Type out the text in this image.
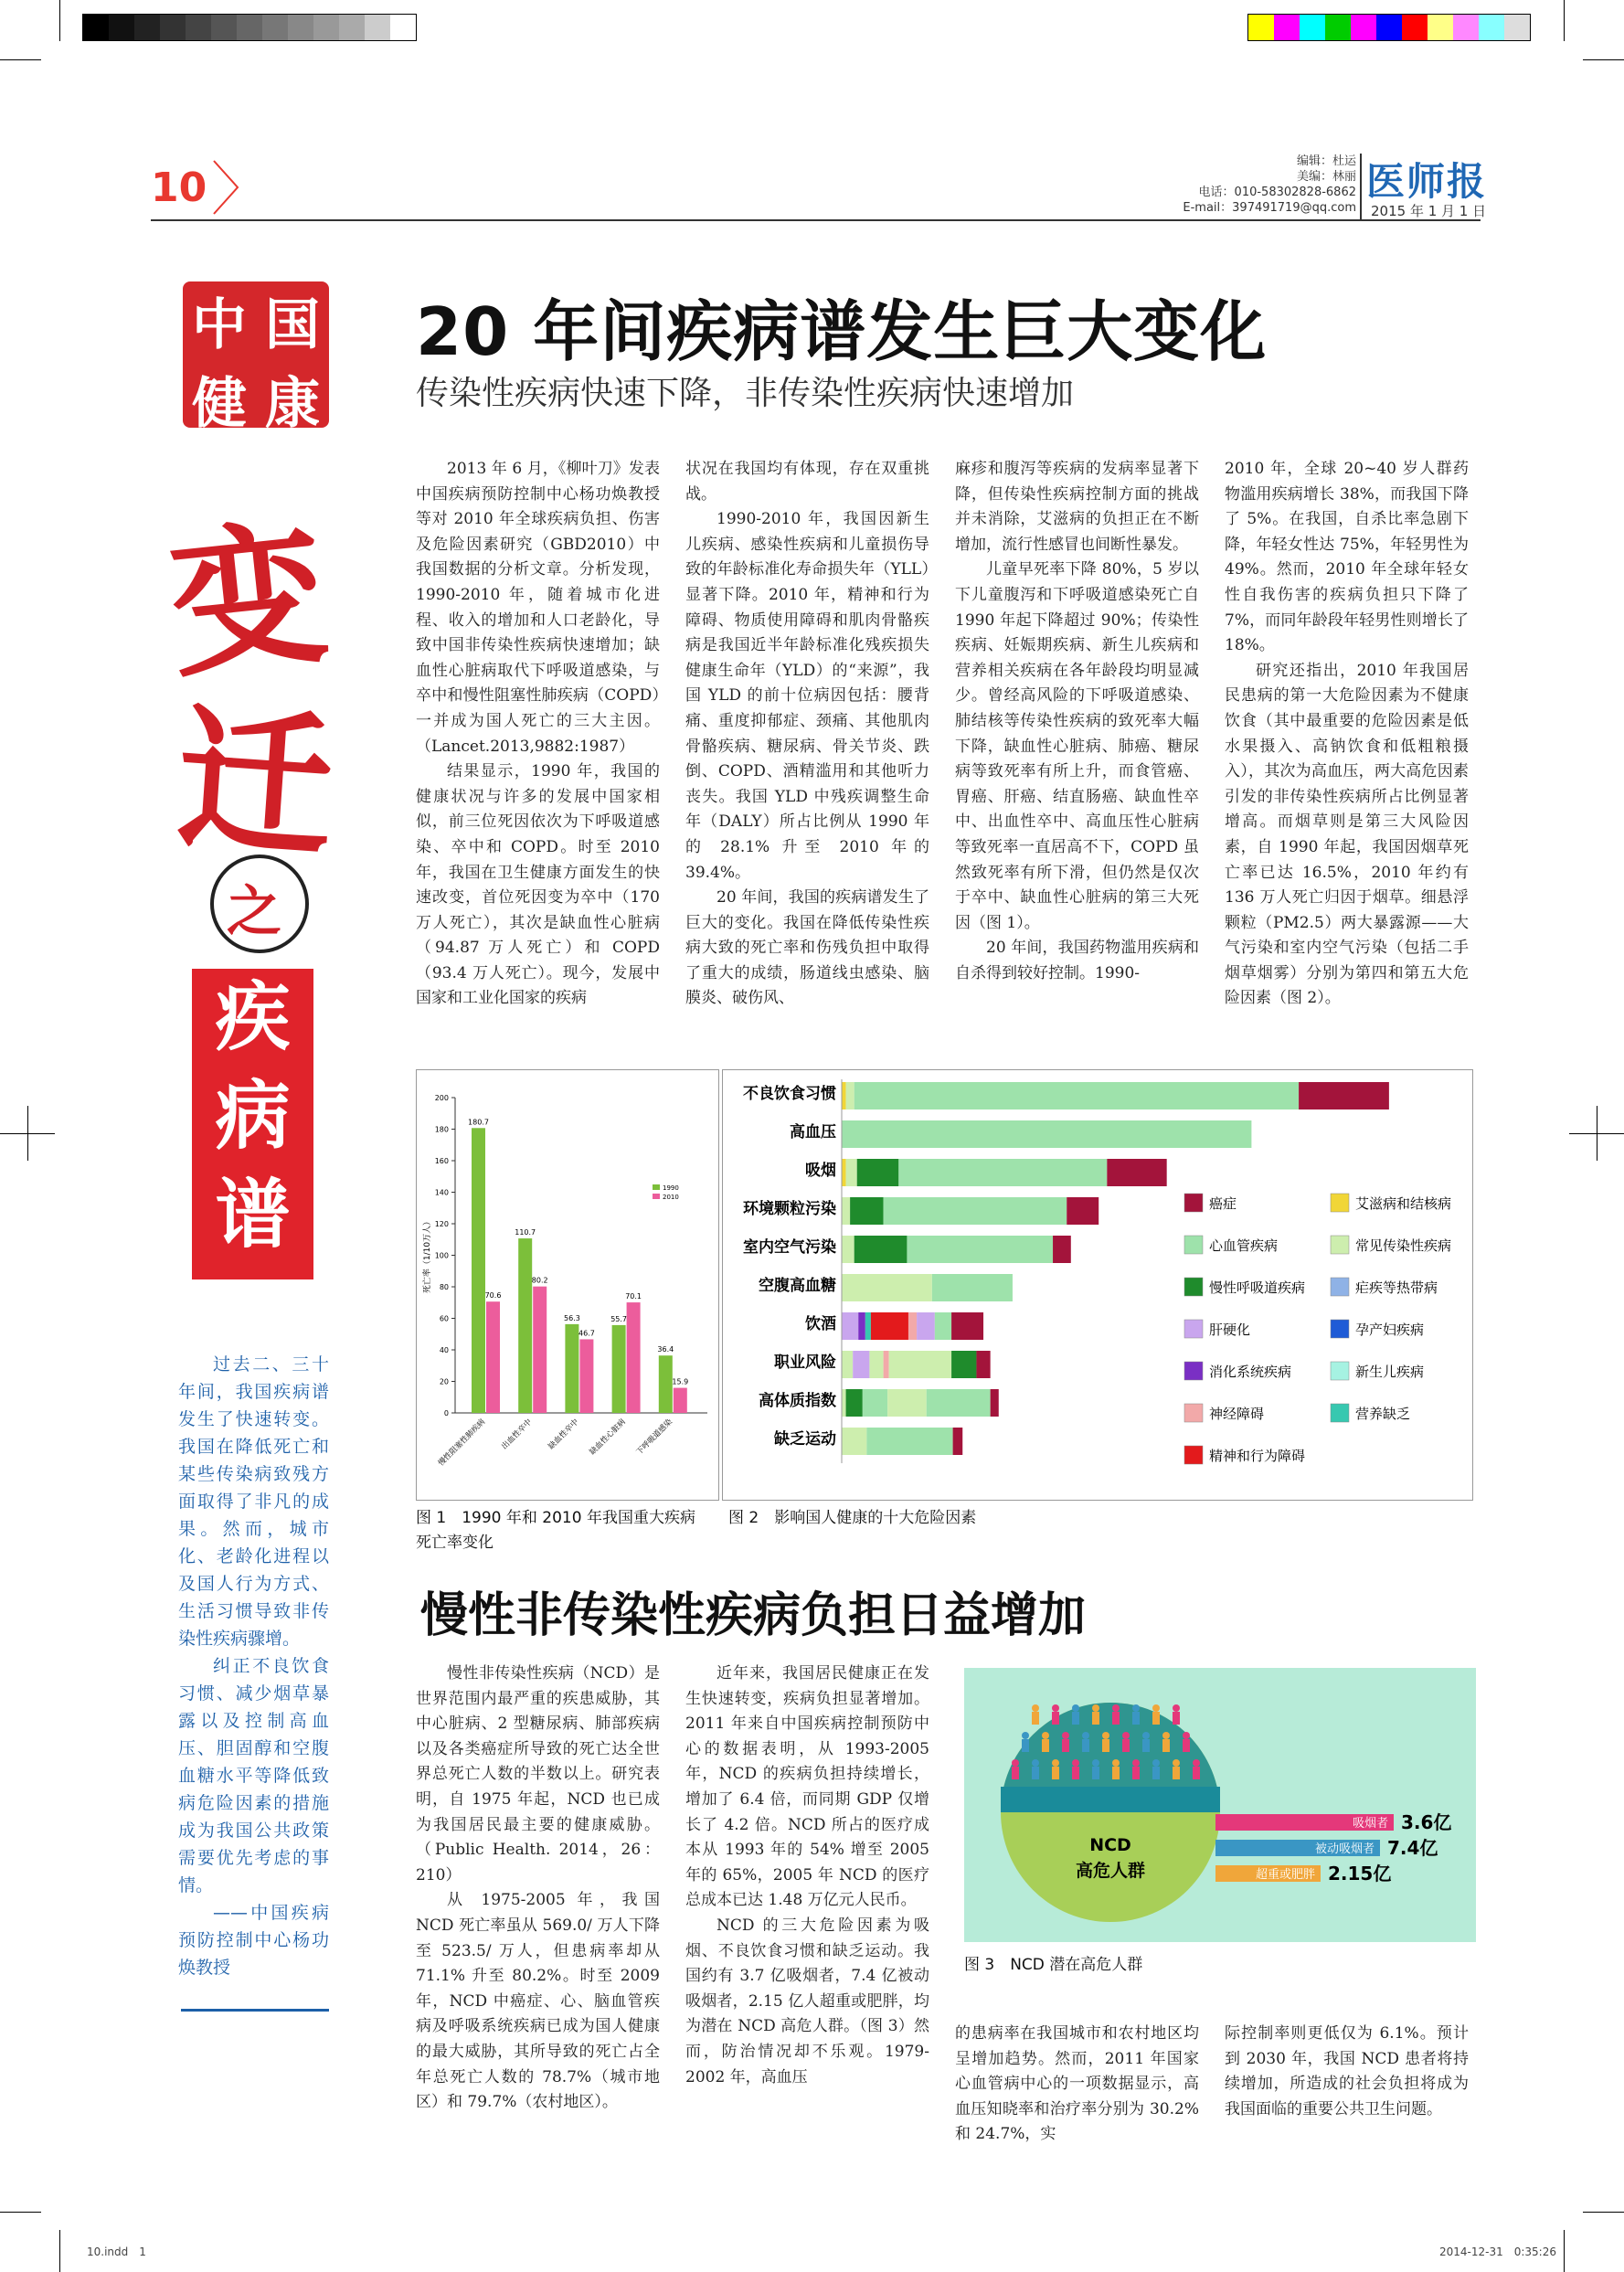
10
编辑：杜运
美编：林丽
电话：010-58302828-6862
E-mail：397491719@qq.com
医师报
2015 年 1 月 1 日
中 国
健 康
变
迁
之
疾
病
谱

过去二、三十年间，我国疾病谱发生了快速转变。我国在降低死亡和某些传染病致残方面取得了非凡的成果。然而，城市化、老龄化进程以及国人行为方式、生活习惯导致非传染性疾病骤增。

纠正不良饮食习惯、减少烟草暴露以及控制高血压、胆固醇和空腹血糖水平等降低致病危险因素的措施成为我国公共政策需要优先考虑的事情。

——中国疾病预防控制中心杨功焕教授

20 年间疾病谱发生巨大变化
传染性疾病快速下降，非传染性疾病快速增加

2013 年 6 月，《柳叶刀》发表中国疾病预防控制中心杨功焕教授等对 2010 年全球疾病负担、伤害及危险因素研究（GBD2010）中我国数据的分析文章。分析发现，1990-2010 年，随着城市化进程、收入的增加和人口老龄化，导致中国非传染性疾病快速增加；缺血性心脏病取代下呼吸道感染，与卒中和慢性阻塞性肺疾病（COPD）一并成为国人死亡的三大主因。（Lancet.2013,9882:1987）

结果显示，1990 年，我国的健康状况与许多的发展中国家相似，前三位死因依次为下呼吸道感染、卒中和 COPD。时至 2010 年，我国在卫生健康方面发生的快速改变，首位死因变为卒中（170 万人死亡），其次是缺血性心脏病（94.87 万人死亡）和 COPD（93.4 万人死亡）。现今，发展中国家和工业化国家的疾病

状况在我国均有体现，存在双重挑战。

1990-2010 年，我国因新生儿疾病、感染性疾病和儿童损伤导致的年龄标准化寿命损失年（YLL）显著下降。2010 年，精神和行为障碍、物质使用障碍和肌肉骨骼疾病是我国近半年龄标准化残疾损失健康生命年（YLD）的“来源”，我国 YLD 的前十位病因包括：腰背痛、重度抑郁症、颈痛、其他肌肉骨骼疾病、糖尿病、骨关节炎、跌倒、COPD、酒精滥用和其他听力丧失。我国 YLD 中残疾调整生命年（DALY）所占比例从 1990 年的 28.1% 升至 2010 年的 39.4%。

20 年间，我国的疾病谱发生了巨大的变化。我国在降低传染性疾病大致的死亡率和伤残负担中取得了重大的成绩，肠道线虫感染、脑膜炎、破伤风、

麻疹和腹泻等疾病的发病率显著下降，但传染性疾病控制方面的挑战并未消除，艾滋病的负担正在不断增加，流行性感冒也间断性暴发。

儿童早死率下降 80%，5 岁以下儿童腹泻和下呼吸道感染死亡自 1990 年起下降超过 90%；传染性疾病、妊娠期疾病、新生儿疾病和营养相关疾病在各年龄段均明显减少。曾经高风险的下呼吸道感染、肺结核等传染性疾病的致死率大幅下降，缺血性心脏病、肺癌、糖尿病等致死率有所上升，而食管癌、胃癌、肝癌、结直肠癌、缺血性卒中、出血性卒中、高血压性心脏病等致死率一直居高不下，COPD 虽然致死率有所下滑，但仍然是仅次于卒中、缺血性心脏病的第三大死因（图 1）。

20 年间，我国药物滥用疾病和自杀得到较好控制。1990-

2010 年，全球 20~40 岁人群药物滥用疾病增长 38%，而我国下降了 5%。在我国，自杀比率急剧下降，年轻女性达 75%，年轻男性为 49%。然而，2010 年全球年轻女性自我伤害的疾病负担只下降了 7%，而同年龄段年轻男性则增长了 18%。

研究还指出，2010 年我国居民患病的第一大危险因素为不健康饮食（其中最重要的危险因素是低水果摄入、高钠饮食和低粗粮摄入），其次为高血压，两大高危因素引发的非传染性疾病所占比例显著增高。而烟草则是第三大风险因素，自 1990 年起，我国因烟草死亡率已达 16.5%，2010 年约有 136 万人死亡归因于烟草。细悬浮颗粒（PM2.5）两大暴露源——大气污染和室内空气污染（包括二手烟草烟雾）分别为第四和第五大危险因素（图 2）。

0
20
40
60
80
100
120
140
160
180
200
死亡率（1/10万人）
180.7
70.6
慢性阻塞性肺疾病
110.7
80.2
出血性卒中
56.3
46.7
缺血性卒中
55.7
70.1
缺血性心脏病
36.4
15.9
下呼吸道感染
1990
2010
图 1　1990 年和 2010 年我国重大疾病
死亡率变化
不良饮食习惯
高血压
吸烟
环境颗粒污染
室内空气污染
空腹高血糖
饮酒
职业风险
高体质指数
缺乏运动
癌症	艾滋病和结核病
心血管疾病	常见传染性疾病
慢性呼吸道疾病	疟疾等热带病
肝硬化	孕产妇疾病
消化系统疾病	新生儿疾病
神经障碍	营养缺乏
精神和行为障碍
图 2　影响国人健康的十大危险因素
慢性非传染性疾病负担日益增加

慢性非传染性疾病（NCD）是世界范围内最严重的疾患威胁，其中心脏病、2 型糖尿病、肺部疾病以及各类癌症所导致的死亡达全世界总死亡人数的半数以上。研究表明，自 1975 年起，NCD 也已成为我国居民最主要的健康威胁。（Public Health. 2014，26：210）

从 1975-2005 年，我国 NCD 死亡率虽从 569.0/ 万人下降至 523.5/ 万人，但患病率却从 71.1% 升至 80.2%。时至 2009 年，NCD 中癌症、心、脑血管疾病及呼吸系统疾病已成为国人健康的最大威胁，其所导致的死亡占全年总死亡人数的 78.7%（城市地区）和 79.7%（农村地区）。

近年来，我国居民健康正在发生快速转变，疾病负担显著增加。2011 年来自中国疾病控制预防中心的数据表明，从 1993-2005 年，NCD 的疾病负担持续增长，增加了 6.4 倍，而同期 GDP 仅增长了 4.2 倍。NCD 所占的医疗成本从 1993 年的 54% 增至 2005 年的 65%，2005 年 NCD 的医疗总成本已达 1.48 万亿元人民币。

NCD 的三大危险因素为吸烟、不良饮食习惯和缺乏运动。我国约有 3.7 亿吸烟者，7.4 亿被动吸烟者，2.15 亿人超重或肥胖，均为潜在 NCD 高危人群。（图 3）然而，防治情况却不乐观。1979-2002 年，高血压

的患病率在我国城市和农村地区均呈增加趋势。然而，2011 年国家心血管病中心的一项数据显示，高血压知晓率和治疗率分别为 30.2% 和 24.7%，实

际控制率则更低仅为 6.1%。预计到 2030 年，我国 NCD 患者将持续增加，所造成的社会负担将成为我国面临的重要公共卫生问题。

NCD
高危人群
吸烟者 3.6亿
被动吸烟者 7.4亿
超重或肥胖 2.15亿
图 3　NCD 潜在高危人群
10.indd　1	2014-12-31　0:35:26
